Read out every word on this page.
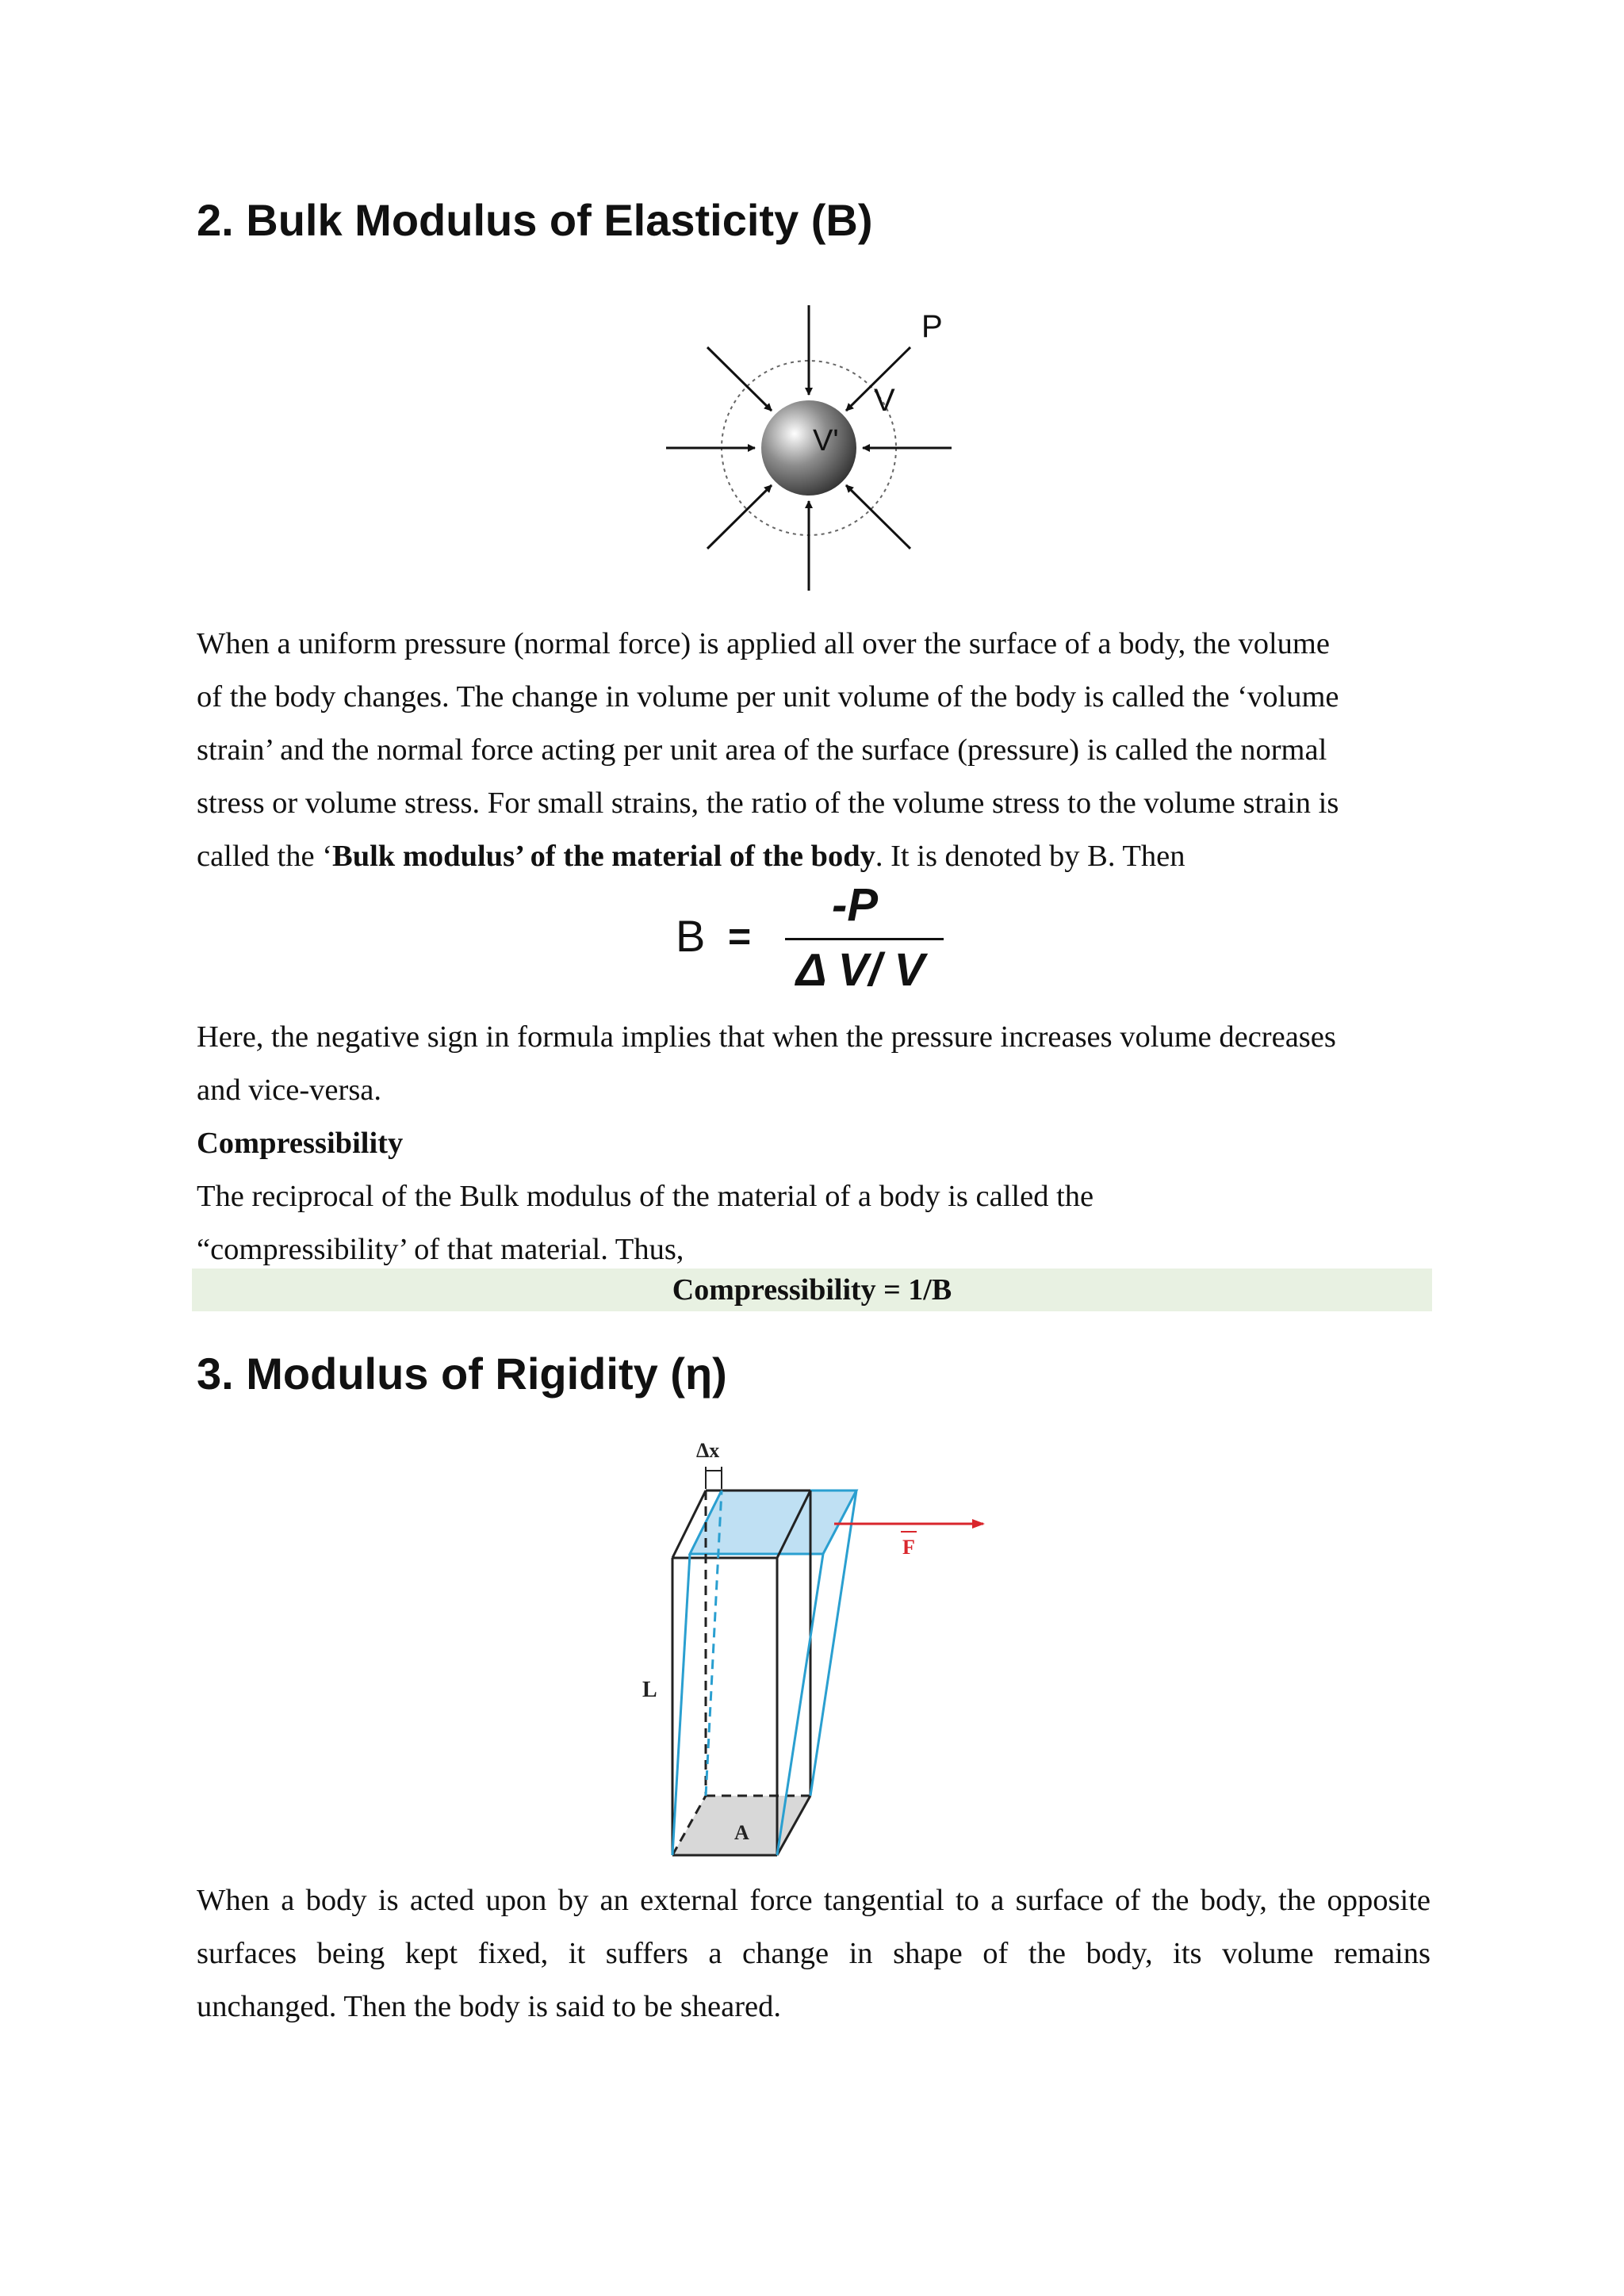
2. Bulk Modulus of Elasticity (B)
P
V
V'
When a uniform pressure (normal force) is applied all over the surface of a body, the volume
of the body changes. The change in volume per unit volume of the body is called the ‘volume
strain’ and the normal force acting per unit area of the surface (pressure) is called the normal
stress or volume stress. For small strains, the ratio of the volume stress to the volume strain is
called the ‘Bulk modulus’ of the material of the body. It is denoted by B. Then
B =
-P
Δ V/ V
Here, the negative sign in formula implies that when the pressure increases volume decreases
and vice-versa.
Compressibility
The reciprocal of the Bulk modulus of the material of a body is called the
“compressibility’ of that material. Thus,
Compressibility = 1/B
3. Modulus of Rigidity (η)
Δx
F
L
A
When a body is acted upon by an external force tangential to a surface of the body, the opposite
surfaces being kept fixed, it suffers a change in shape of the body, its volume remains
unchanged. Then the body is said to be sheared.
